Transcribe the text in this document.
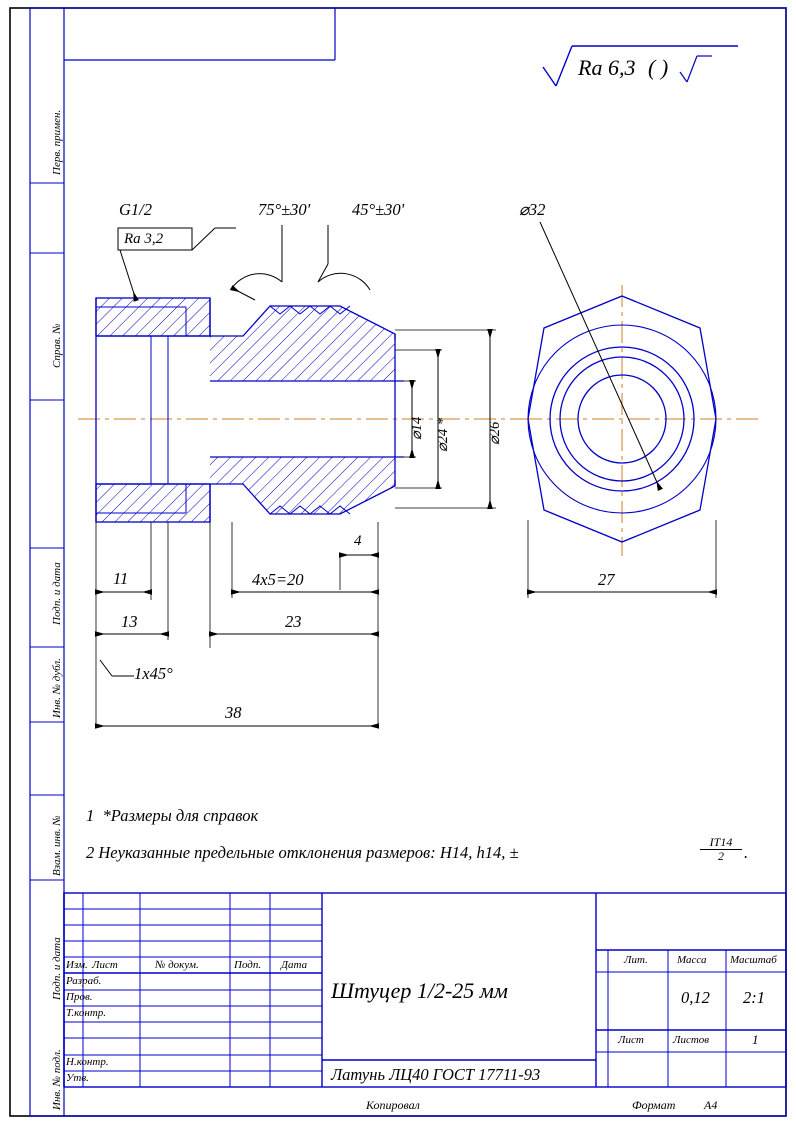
Ra 6,3 ( )
G1/2
Ra 3,2
75°±30'	45°±30'	⌀32
⌀14 ⌀24 * ⌀26
4
11
13	23
4x5=20
1x45°
38
27
1  *Размеры для справок
2 Неуказанные предельные отклонения размеров: H14, h14, ±
IT14
2	.
Перв. примен.
Справ. №
Подп. и дата
Инв. № дубл.
Взам. инв. №
Подп. и дата
Инв. № подл.
Изм. Лист	№ докум.	Подп. Дата
Разраб.
Пров.
Т.контр.
Н.контр.
Утв.
Штуцер 1/2-25 мм
Латунь ЛЦ40 ГОСТ 17711-93
Лит.	Масса Масштаб
0,12 2:1
Лист	Листов	1
Копировал	Формат A4
